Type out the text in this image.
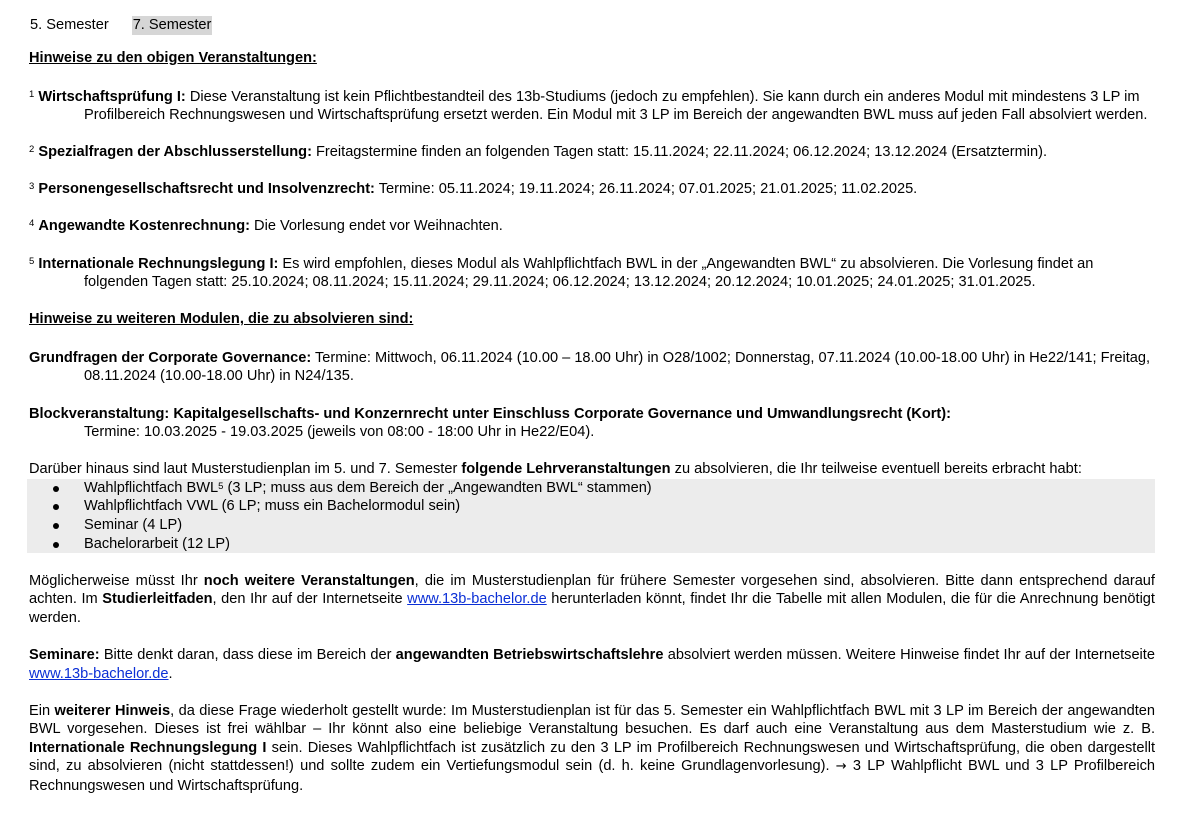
5. Semester 7. Semester
Hinweise zu den obigen Veranstaltungen:

$^1$ Wirtschaftsprüfung I: Diese Veranstaltung ist kein Pflichtbestandteil des 13b-Studiums (jedoch zu empfehlen). Sie kann durch ein anderes Modul mit mindestens 3 LP im Profilbereich Rechnungswesen und Wirtschaftsprüfung ersetzt werden. Ein Modul mit 3 LP im Bereich der angewandten BWL muss auf jeden Fall absolviert werden.

$^2$ Spezialfragen der Abschlusserstellung: Freitagstermine finden an folgenden Tagen statt: 15.11.2024; 22.11.2024; 06.12.2024; 13.12.2024 (Ersatztermin).

$^3$ Personengesellschaftsrecht und Insolvenzrecht: Termine: 05.11.2024; 19.11.2024; 26.11.2024; 07.01.2025; 21.01.2025; 11.02.2025.

$^4$ Angewandte Kostenrechnung: Die Vorlesung endet vor Weihnachten.

$^5$ Internationale Rechnungslegung I: Es wird empfohlen, dieses Modul als Wahlpflichtfach BWL in der „Angewandten BWL“ zu absolvieren. Die Vorlesung findet an folgenden Tagen statt: 25.10.2024; 08.11.2024; 15.11.2024; 29.11.2024; 06.12.2024; 13.12.2024; 20.12.2024; 10.01.2025; 24.01.2025; 31.01.2025.

Hinweise zu weiteren Modulen, die zu absolvieren sind:

Grundfragen der Corporate Governance: Termine: Mittwoch, 06.11.2024 (10.00 – 18.00 Uhr) in O28/1002; Donnerstag, 07.11.2024 (10.00-18.00 Uhr) in He22/141; Freitag, 08.11.2024 (10.00-18.00 Uhr) in N24/135.

Blockveranstaltung: Kapitalgesellschafts- und Konzernrecht unter Einschluss Corporate Governance und Umwandlungsrecht (Kort):
Termine: 10.03.2025 - 19.03.2025 (jeweils von 08:00 - 18:00 Uhr in He22/E04).

Darüber hinaus sind laut Musterstudienplan im 5. und 7. Semester folgende Lehrveranstaltungen zu absolvieren, die Ihr teilweise eventuell bereits erbracht habt:

Wahlpflichtfach BWL$^5$ (3 LP; muss aus dem Bereich der „Angewandten BWL“ stammen)
Wahlpflichtfach VWL (6 LP; muss ein Bachelormodul sein)
Seminar (4 LP)
Bachelorarbeit (12 LP)

Möglicherweise müsst Ihr noch weitere Veranstaltungen, die im Musterstudienplan für frühere Semester vorgesehen sind, absolvieren. Bitte dann entsprechend darauf achten. Im Studierleitfaden, den Ihr auf der Internetseite www.13b-bachelor.de herunterladen könnt, findet Ihr die Tabelle mit allen Modulen, die für die Anrechnung benötigt werden.

Seminare: Bitte denkt daran, dass diese im Bereich der angewandten Betriebswirtschaftslehre absolviert werden müssen. Weitere Hinweise findet Ihr auf der Internetseite www.13b-bachelor.de.

Ein weiterer Hinweis, da diese Frage wiederholt gestellt wurde: Im Musterstudienplan ist für das 5. Semester ein Wahlpflichtfach BWL mit 3 LP im Bereich der angewandten BWL vorgesehen. Dieses ist frei wählbar – Ihr könnt also eine beliebige Veranstaltung besuchen. Es darf auch eine Veranstaltung aus dem Masterstudium wie z. B. Internationale Rechnungslegung I sein. Dieses Wahlpflichtfach ist zusätzlich zu den 3 LP im Profilbereich Rechnungswesen und Wirtschaftsprüfung, die oben dargestellt sind, zu absolvieren (nicht stattdessen!) und sollte zudem ein Vertiefungsmodul sein (d. h. keine Grundlagenvorlesung). → 3 LP Wahlpflicht BWL und 3 LP Profilbereich Rechnungswesen und Wirtschaftsprüfung.
